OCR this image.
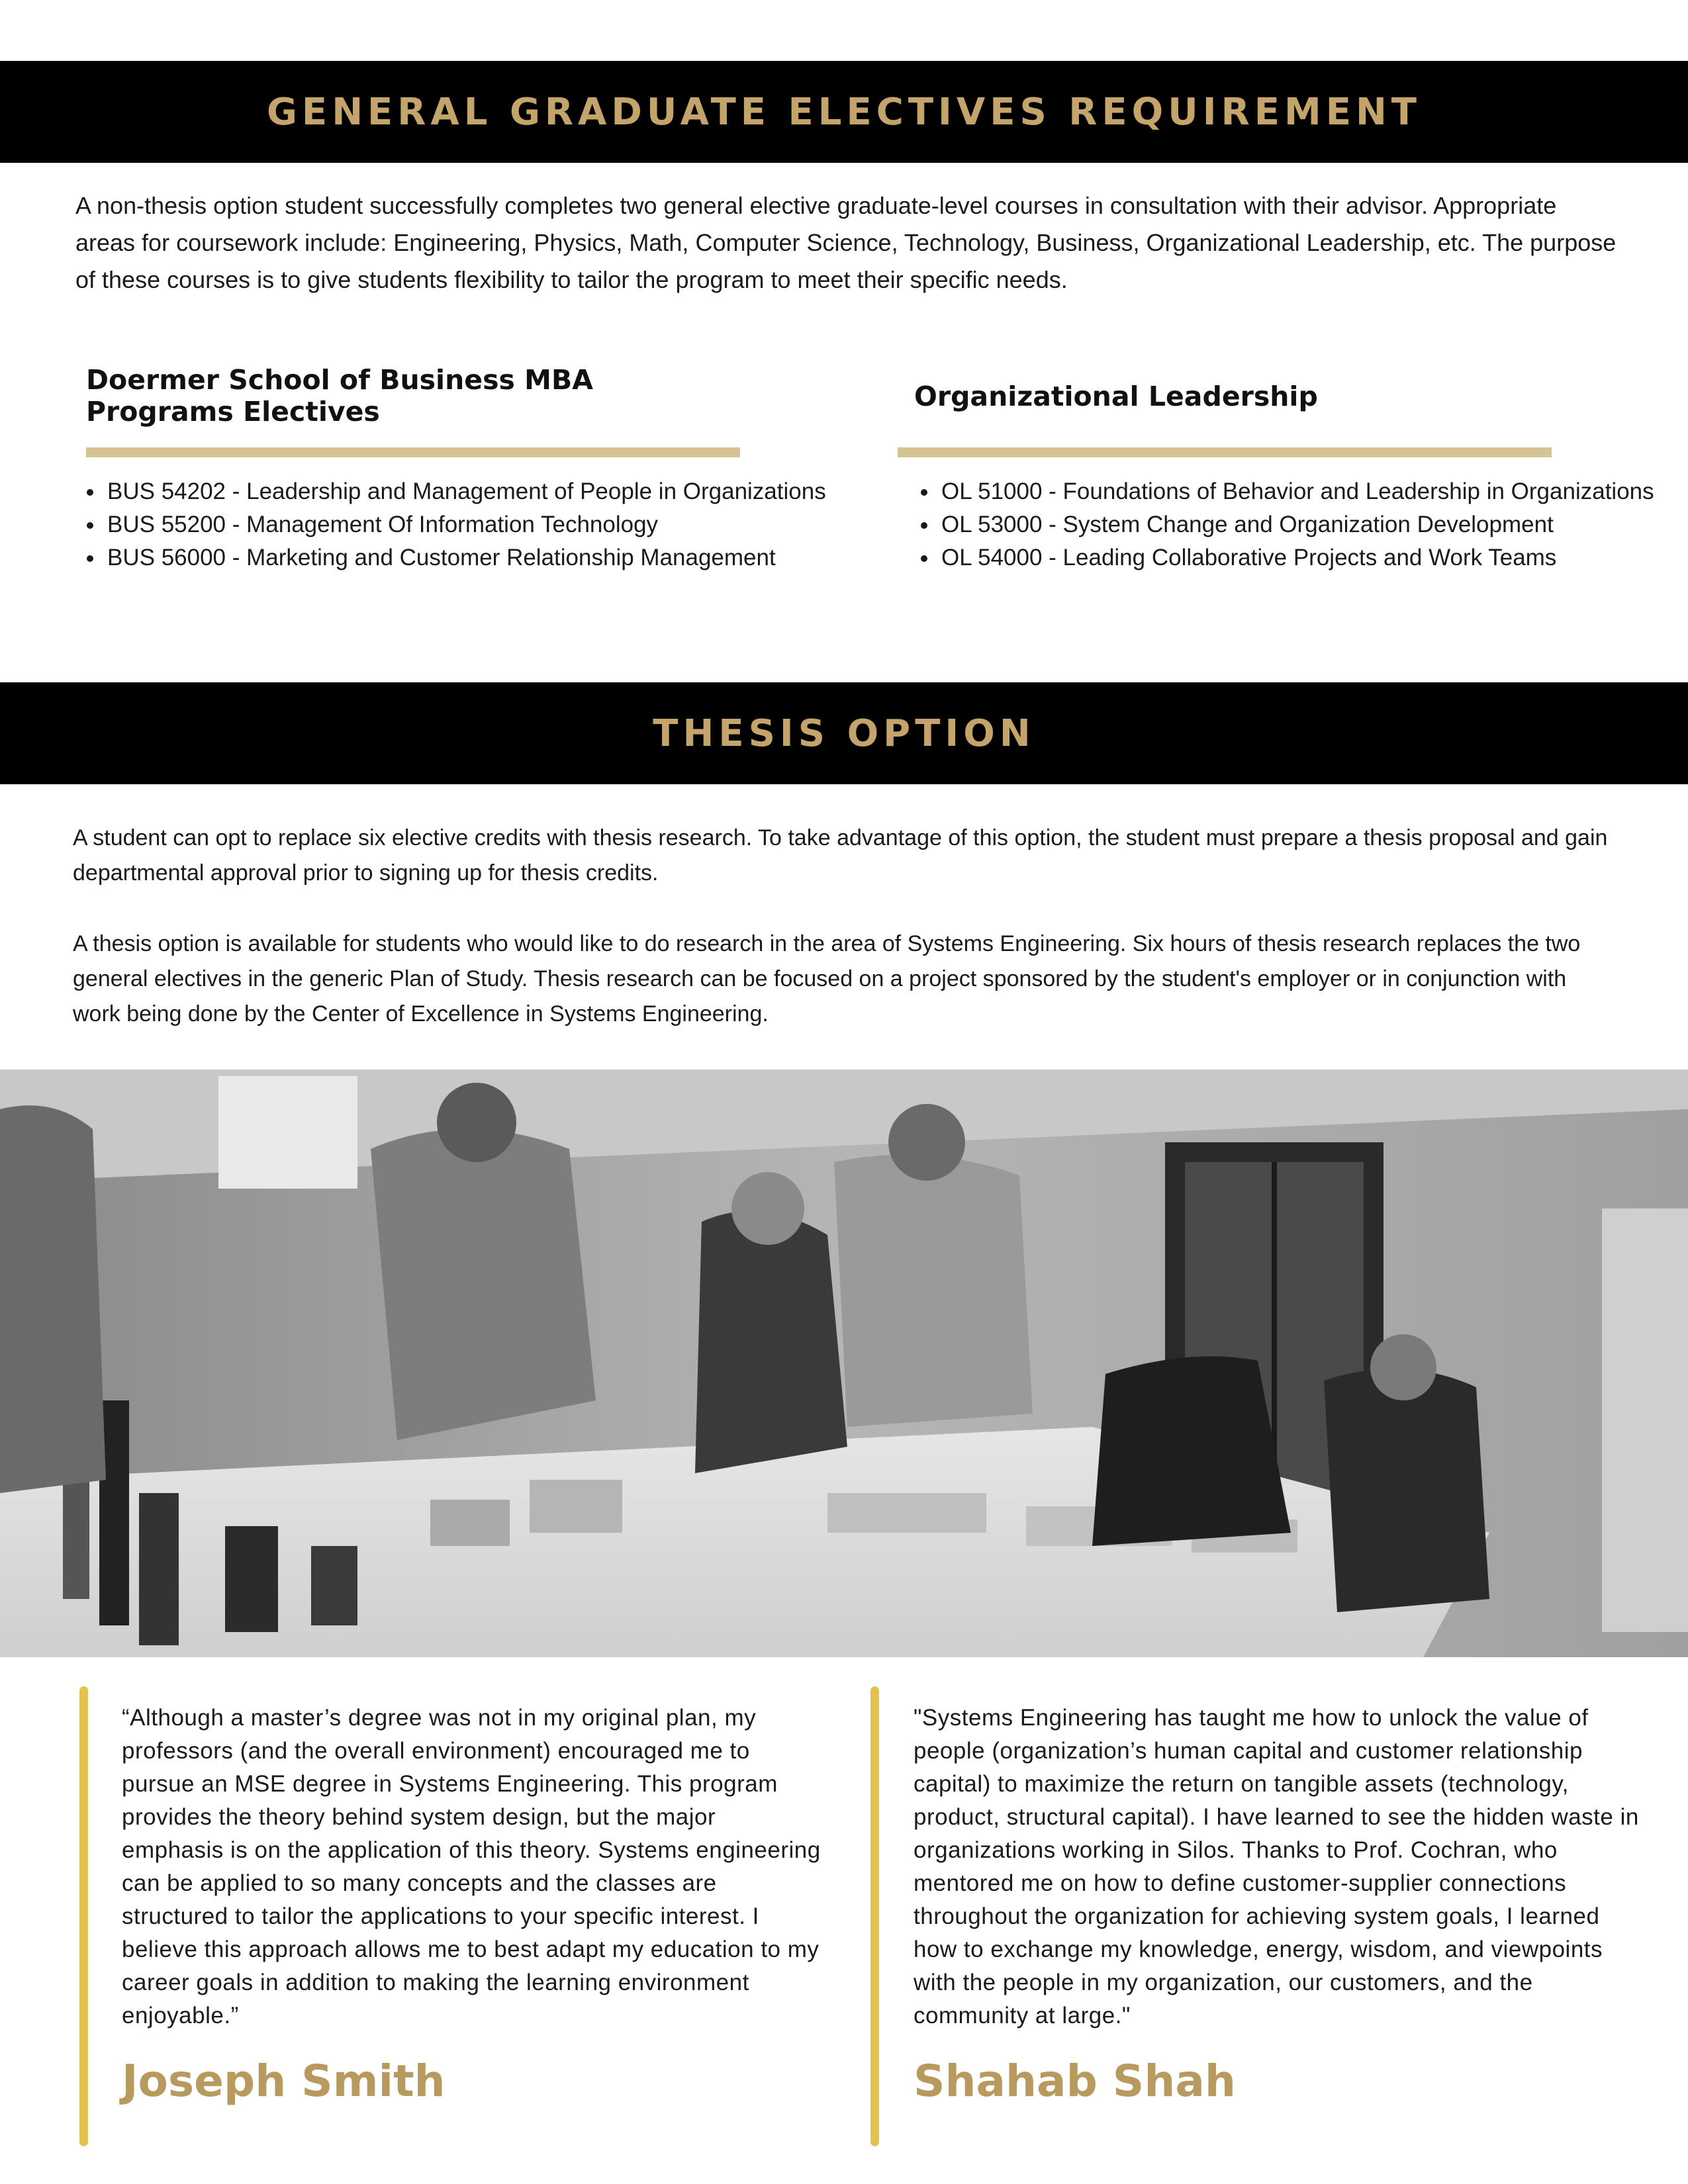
GENERAL GRADUATE ELECTIVES REQUIREMENT

A non-thesis option student successfully completes two general elective graduate-level courses in consultation with their advisor. Appropriate areas for coursework include: Engineering, Physics, Math, Computer Science, Technology, Business, Organizational Leadership, etc. The purpose of these courses is to give students flexibility to tailor the program to meet their specific needs.

Doermer School of Business MBA
Programs Electives
• BUS 54202 - Leadership and Management of People in Organizations
• BUS 55200 - Management Of Information Technology
• BUS 56000 - Marketing and Customer Relationship Management
Organizational Leadership
• OL 51000 - Foundations of Behavior and Leadership in Organizations
• OL 53000 - System Change and Organization Development
• OL 54000 - Leading Collaborative Projects and Work Teams
THESIS OPTION

A student can opt to replace six elective credits with thesis research. To take advantage of this option, the student must prepare a thesis proposal and gain departmental approval prior to signing up for thesis credits.

A thesis option is available for students who would like to do research in the area of Systems Engineering. Six hours of thesis research replaces the two general electives in the generic Plan of Study. Thesis research can be focused on a project sponsored by the student's employer or in conjunction with work being done by the Center of Excellence in Systems Engineering.

“Although a master’s degree was not in my original plan, my professors (and the overall environment) encouraged me to pursue an MSE degree in Systems Engineering. This program provides the theory behind system design, but the major emphasis is on the application of this theory. Systems engineering can be applied to so many concepts and the classes are structured to tailor the applications to your specific interest. I believe this approach allows me to best adapt my education to my career goals in addition to making the learning environment enjoyable.”

Joseph Smith

"Systems Engineering has taught me how to unlock the value of people (organization’s human capital and customer relationship capital) to maximize the return on tangible assets (technology, product, structural capital). I have learned to see the hidden waste in organizations working in Silos. Thanks to Prof. Cochran, who mentored me on how to define customer-supplier connections throughout the organization for achieving system goals, I learned how to exchange my knowledge, energy, wisdom, and viewpoints with the people in my organization, our customers, and the community at large."

Shahab Shah
